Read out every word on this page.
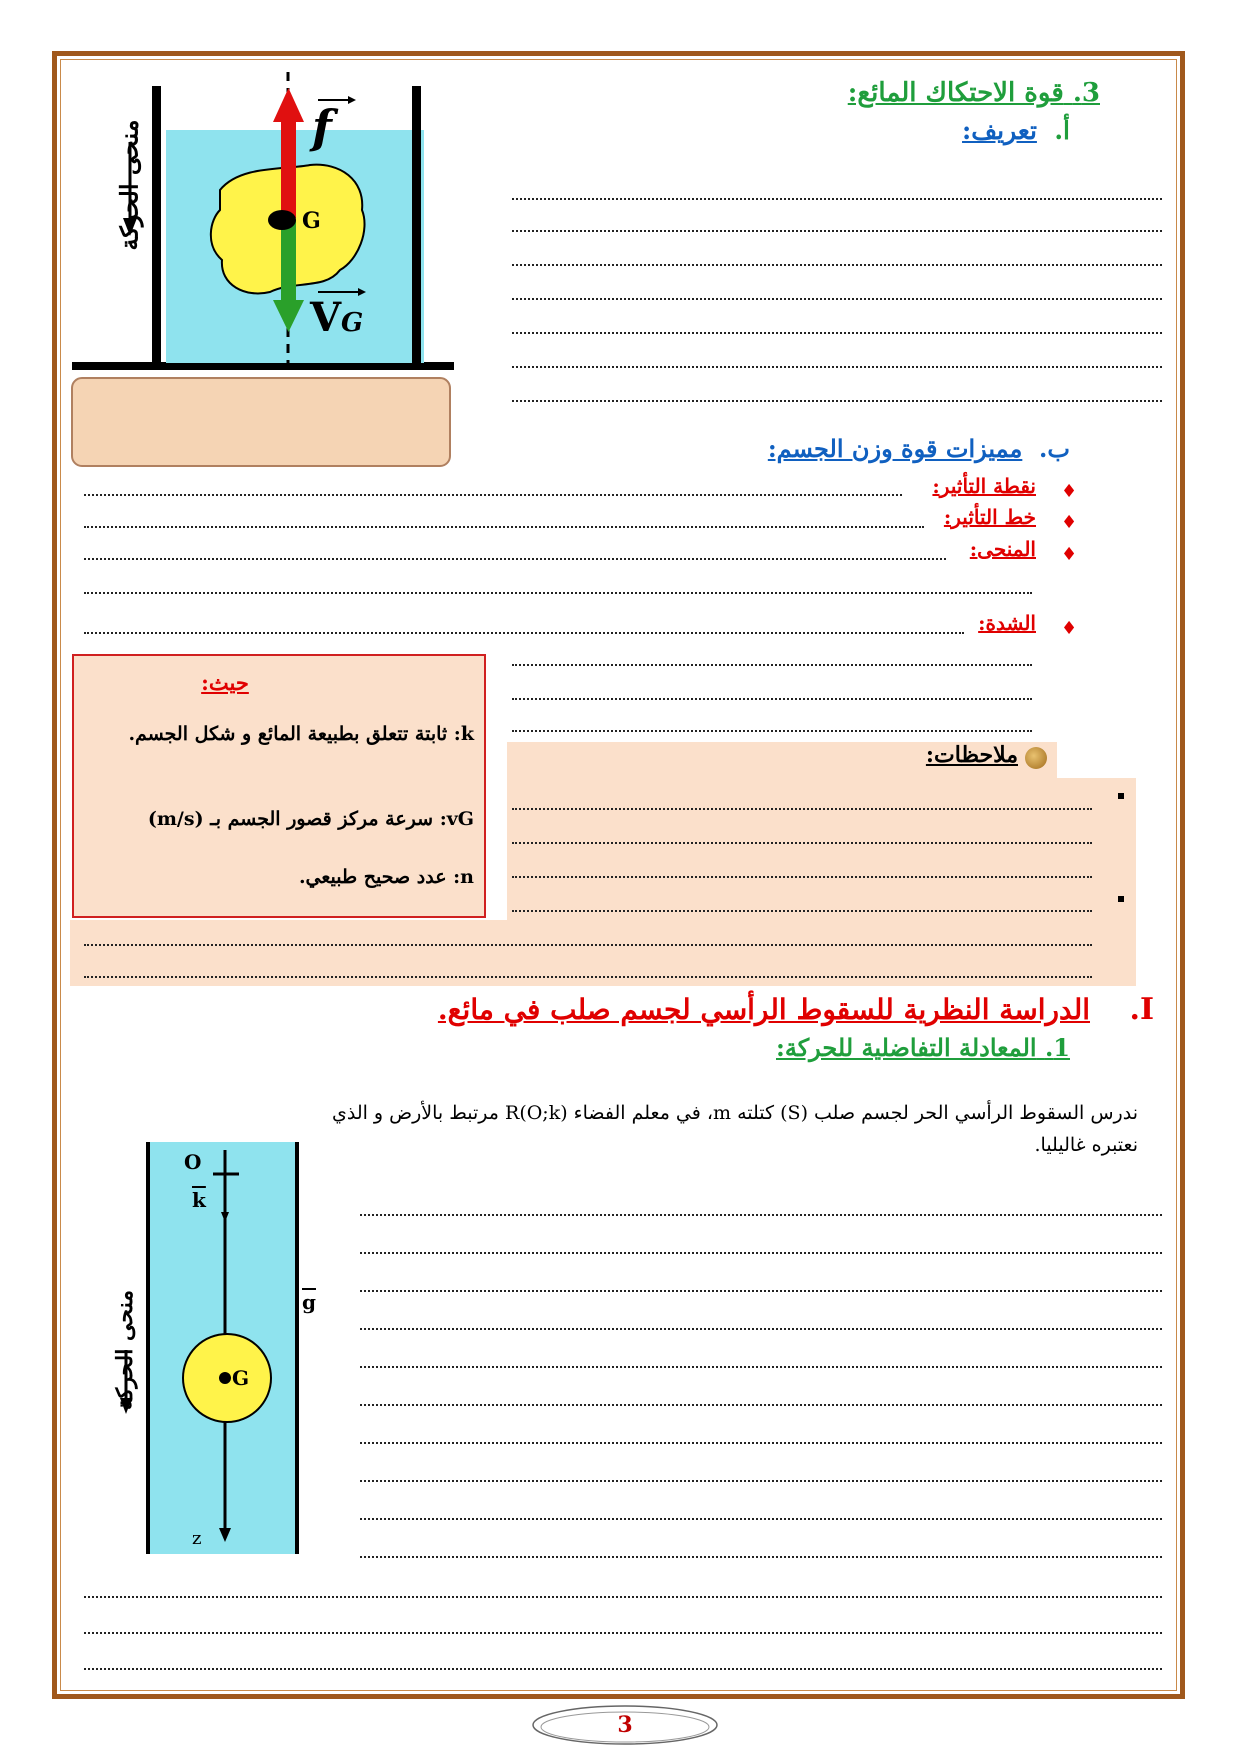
f
G
VG
منحى الحركة
3. قوة الاحتكاك المائع:
أ.  تعريف:
ب.  مميزات قوة وزن الجسم:
♦
نقطة التأثير:
♦
خط التأثير:
♦
المنحى:
♦
الشدة:
حيث:
k: ثابتة تتعلق بطبيعة المائع و شكل الجسم.
vG: سرعة مركز قصور الجسم بـ (m/s)
n: عدد صحيح طبيعي.
ملاحظات:
الدراسة النظرية للسقوط الرأسي لجسم صلب في مائع. I.
1. المعادلة التفاضلية للحركة:
ندرس السقوط الرأسي الحر لجسم صلب (S) كتلته m، في معلم الفضاء R(O;k) مرتبط بالأرض و الذي
نعتبره غاليليا.
O
$\overline{k}$
$\overline{g}$
G
z
منحى الحركة
3
